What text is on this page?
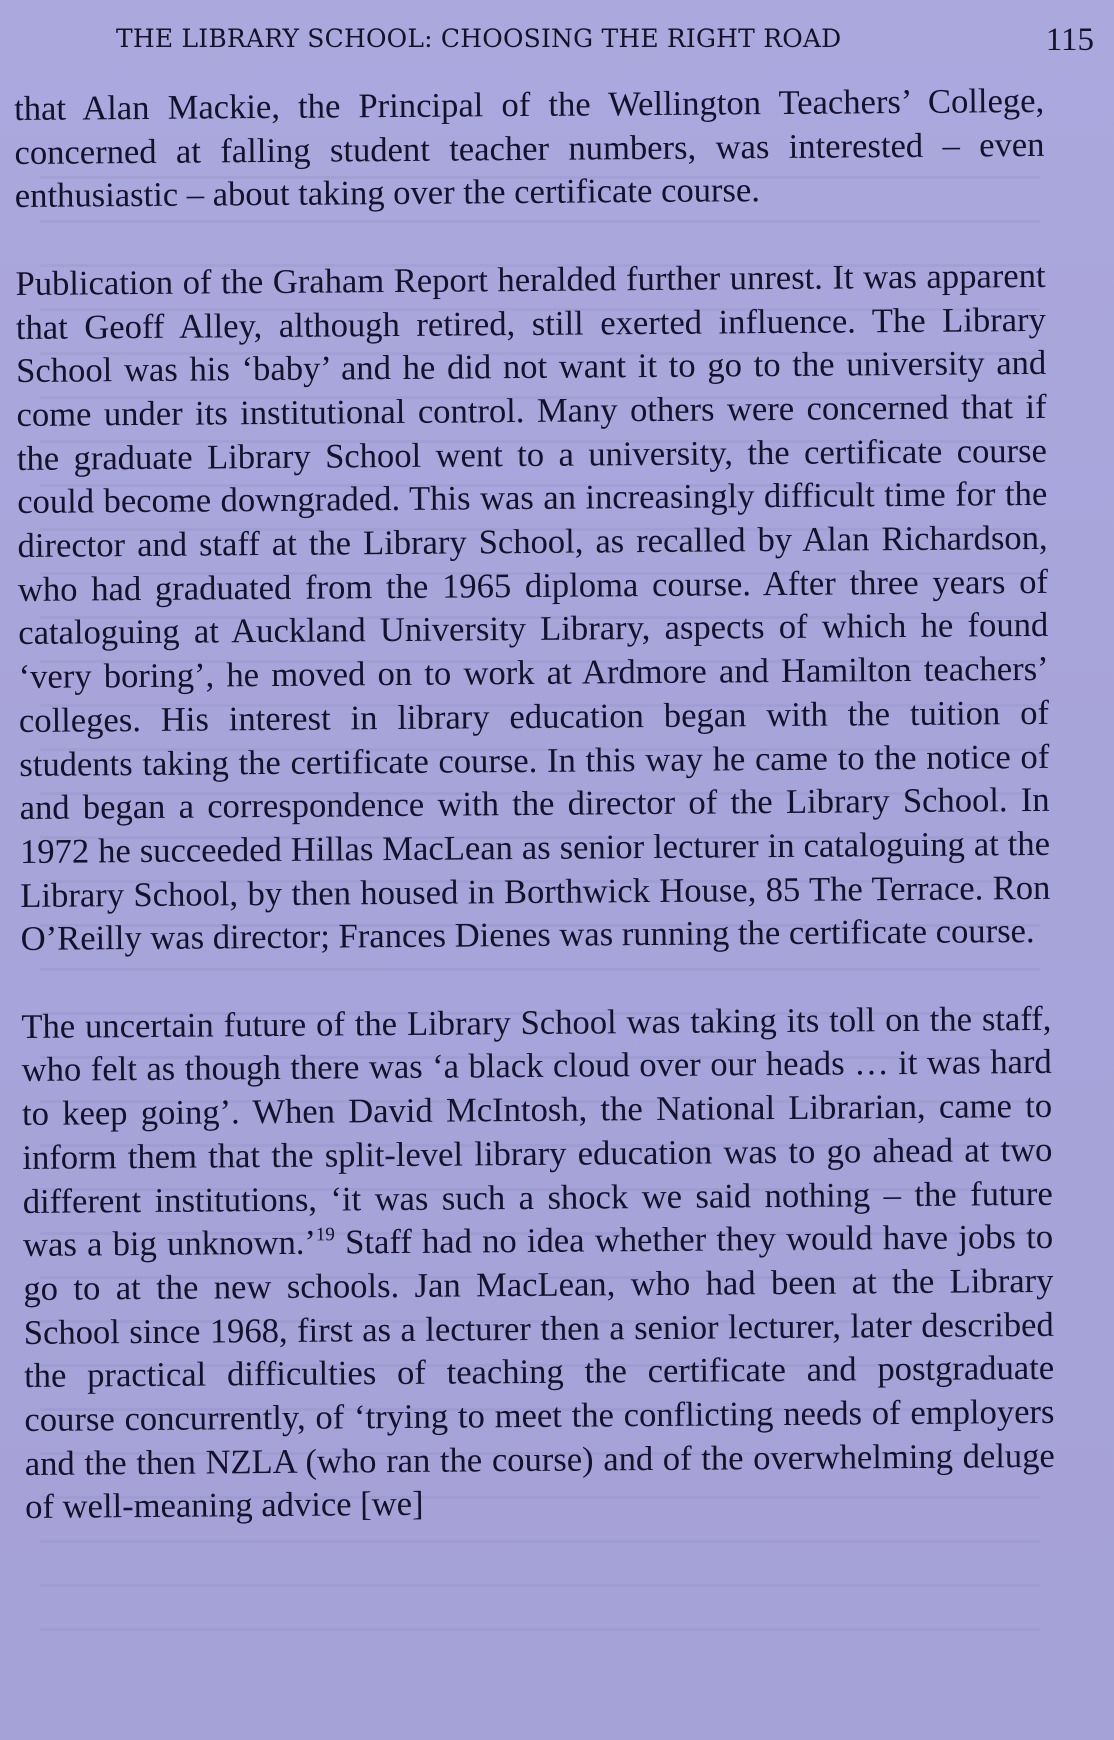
THE LIBRARY SCHOOL: CHOOSING THE RIGHT ROAD	115

that Alan Mackie, the Principal of the Wellington Teachers’ College, concerned at falling student teacher numbers, was interested – even enthusiastic – about taking over the certificate course.

Publication of the Graham Report heralded further unrest. It was apparent that Geoff Alley, although retired, still exerted influence. The Library School was his ‘baby’ and he did not want it to go to the university and come under its institutional control. Many others were concerned that if the graduate Library School went to a university, the certificate course could become downgraded. This was an increasingly difficult time for the director and staff at the Library School, as recalled by Alan Richardson, who had graduated from the 1965 diploma course. After three years of cataloguing at Auckland University Library, aspects of which he found ‘very boring’, he moved on to work at Ardmore and Hamilton teachers’ colleges. His interest in library education began with the tuition of students taking the certificate course. In this way he came to the notice of and began a correspondence with the director of the Library School. In 1972 he succeeded Hillas MacLean as senior lecturer in cataloguing at the Library School, by then housed in Borthwick House, 85 The Terrace. Ron O’Reilly was director; Frances Dienes was running the certificate course.

The uncertain future of the Library School was taking its toll on the staff, who felt as though there was ‘a black cloud over our heads … it was hard to keep going’. When David McIntosh, the National Librarian, came to inform them that the split-level library education was to go ahead at two different institutions, ‘it was such a shock we said nothing – the future was a big unknown.’$^{19}$ Staff had no idea whether they would have jobs to go to at the new schools. Jan MacLean, who had been at the Library School since 1968, first as a lecturer then a senior lecturer, later described the practical difficulties of teaching the certificate and postgraduate course concurrently, of ‘trying to meet the conflicting needs of employers and the then NZLA (who ran the course) and of the overwhelming deluge of well-meaning advice [we]
